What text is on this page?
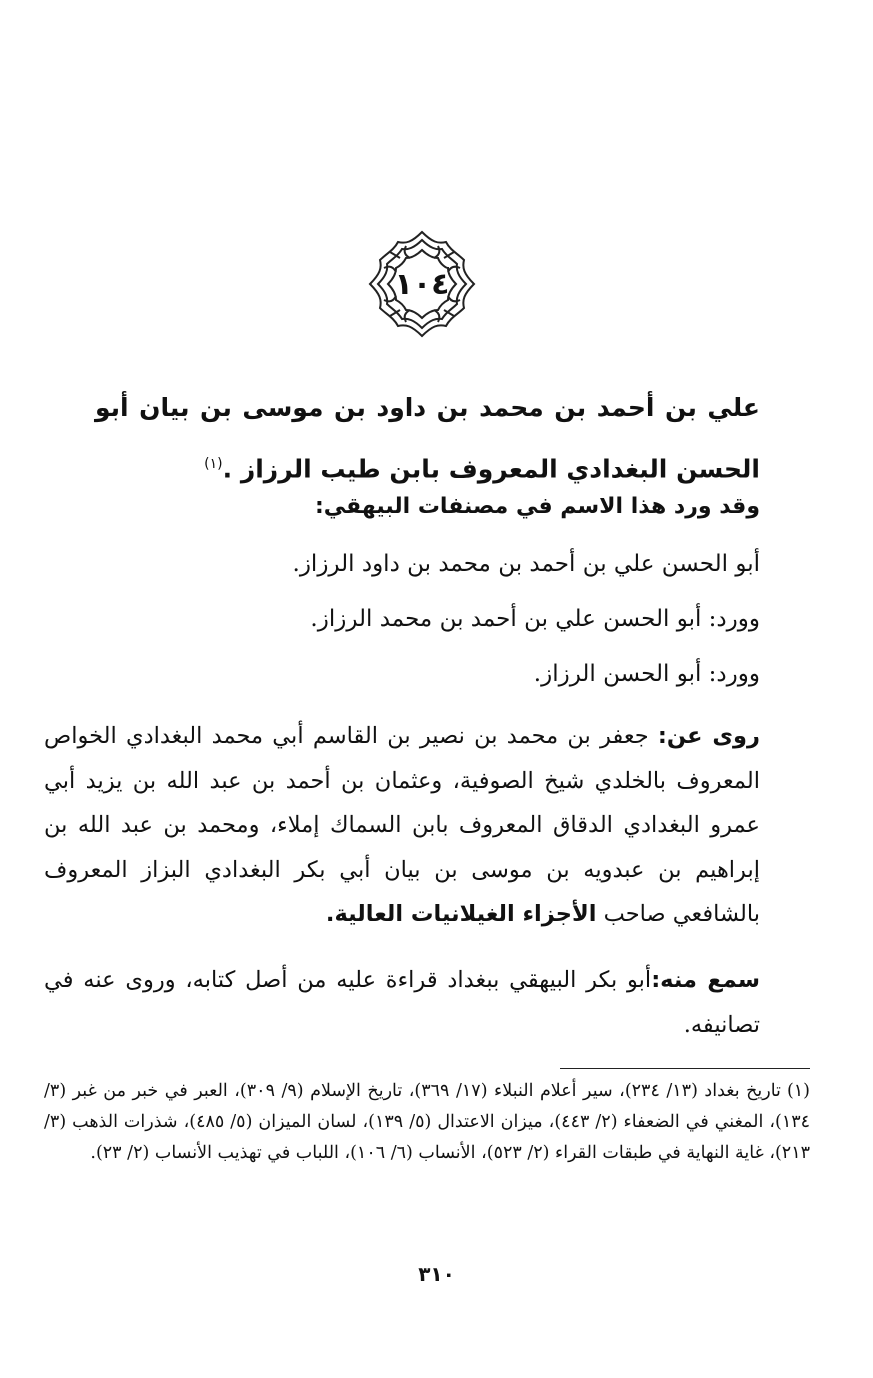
١٠٤
علي بن أحمد بن محمد بن داود بن موسى بن بيان أبو الحسن البغدادي المعروف بابن طيب الرزاز .$^{(١)}$
وقد ورد هذا الاسم في مصنفات البيهقي:
أبو الحسن علي بن أحمد بن محمد بن داود الرزاز.
وورد: أبو الحسن علي بن أحمد بن محمد الرزاز.
وورد: أبو الحسن الرزاز.
روى عن: جعفر بن محمد بن نصير بن القاسم أبي محمد البغدادي الخواص المعروف بالخلدي شيخ الصوفية، وعثمان بن أحمد بن عبد الله بن يزيد أبي عمرو البغدادي الدقاق المعروف بابن السماك إملاء، ومحمد بن عبد الله بن إبراهيم بن عبدويه بن موسى بن بيان أبي بكر البغدادي البزاز المعروف بالشافعي صاحب الأجزاء الغيلانيات العالية.
سمع منه:أبو بكر البيهقي ببغداد قراءة عليه من أصل كتابه، وروى عنه في تصانيفه.
(١)تاريخ بغداد (١٣/ ٢٣٤)، سير أعلام النبلاء (١٧/ ٣٦٩)، تاريخ الإسلام (٩/ ٣٠٩)، العبر في خبر من غبر (٣/ ١٣٤)، المغني في الضعفاء (٢/ ٤٤٣)، ميزان الاعتدال (٥/ ١٣٩)، لسان الميزان (٥/ ٤٨٥)، شذرات الذهب (٣/ ٢١٣)، غاية النهاية في طبقات القراء (٢/ ٥٢٣)، الأنساب (٦/ ١٠٦)، اللباب في تهذيب الأنساب (٢/ ٢٣).
٣١٠
